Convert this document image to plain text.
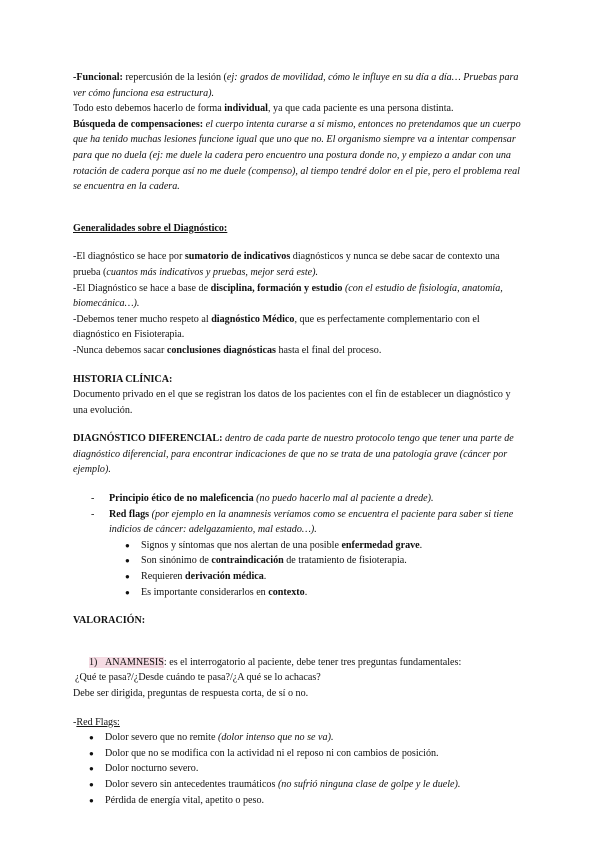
-Funcional: repercusión de la lesión (ej: grados de movilidad, cómo le influye en su día a día… Pruebas para ver cómo funciona esa estructura).

Todo esto debemos hacerlo de forma individual, ya que cada paciente es una persona distinta.

Búsqueda de compensaciones: el cuerpo intenta curarse a sí mismo, entonces no pretendamos que un cuerpo que ha tenido muchas lesiones funcione igual que uno que no. El organismo siempre va a intentar compensar para que no duela (ej: me duele la cadera pero encuentro una postura donde no, y empiezo a andar con una rotación de cadera porque así no me duele (compenso), al tiempo tendré dolor en el pie, pero el problema real se encuentra en la cadera.

Generalidades sobre el Diagnóstico:

-El diagnóstico se hace por sumatorio de indicativos diagnósticos y nunca se debe sacar de contexto una prueba (cuantos más indicativos y pruebas, mejor será este).

-El Diagnóstico se hace a base de disciplina, formación y estudio (con el estudio de fisiología, anatomía, biomecánica…).

-Debemos tener mucho respeto al diagnóstico Médico, que es perfectamente complementario con el diagnóstico en Fisioterapia.

-Nunca debemos sacar conclusiones diagnósticas hasta el final del proceso.

HISTORIA CLÍNICA:

Documento privado en el que se registran los datos de los pacientes con el fin de establecer un diagnóstico y una evolución.

DIAGNÓSTICO DIFERENCIAL: dentro de cada parte de nuestro protocolo tengo que tener una parte de diagnóstico diferencial, para encontrar indicaciones de que no se trata de una patología grave (cáncer por ejemplo).

- Principio ético de no maleficencia (no puedo hacerlo mal al paciente a drede).
- Red flags (por ejemplo en la anamnesis veríamos como se encuentra el paciente para saber si tiene indicios de cáncer: adelgazamiento, mal estado…).
● Signos y síntomas que nos alertan de una posible enfermedad grave.
● Son sinónimo de contraindicación de tratamiento de fisioterapia.
● Requieren derivación médica.
● Es importante considerarlos en contexto.

VALORACIÓN:

1) ANAMNESIS: es el interrogatorio al paciente, debe tener tres preguntas fundamentales:

¿Qué te pasa?/¿Desde cuándo te pasa?/¿A qué se lo achacas?

Debe ser dirigida, preguntas de respuesta corta, de sí o no.

-Red Flags:

● Dolor severo que no remite (dolor intenso que no se va).
● Dolor que no se modifica con la actividad ni el reposo ni con cambios de posición.
● Dolor nocturno severo.
● Dolor severo sin antecedentes traumáticos (no sufrió ninguna clase de golpe y le duele).
● Pérdida de energía vital, apetito o peso.
